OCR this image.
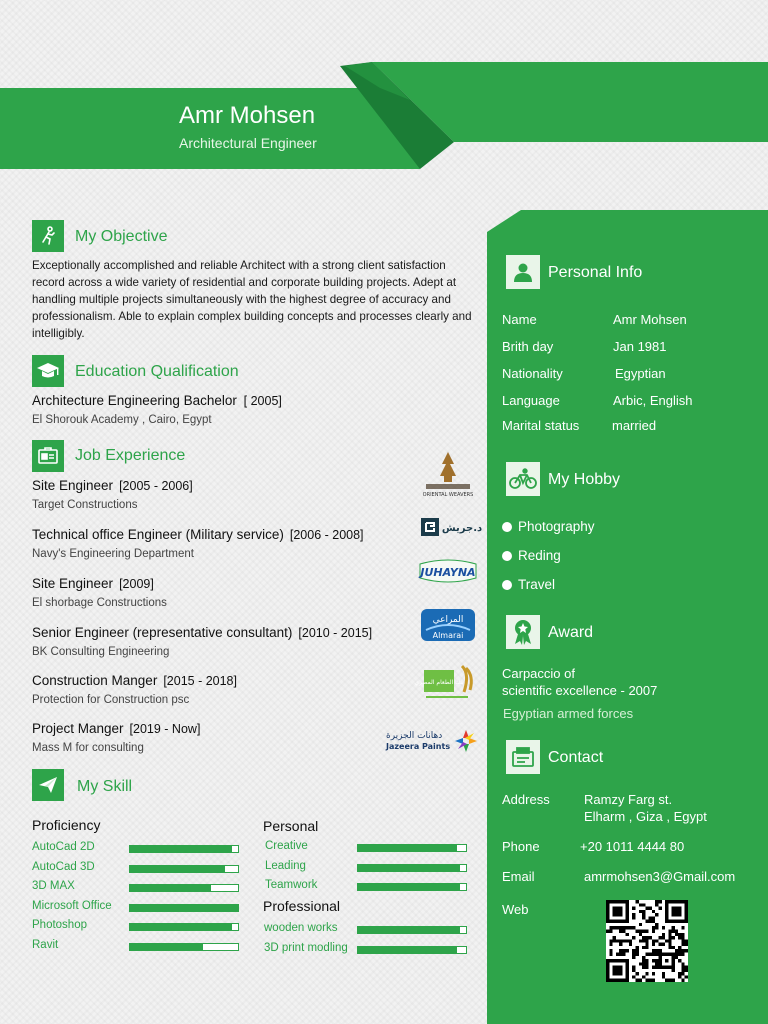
Amr Mohsen
Architectural Engineer
My Objective
Exceptionally accomplished and reliable Architect with a strong client satisfaction record across a wide variety of residential and corporate building projects. Adept at handling multiple projects simultaneously with the highest degree of accuracy and professionalism. Able to explain complex building concepts and processes clearly and intelligibly.
Education Qualification
Architecture Engineering Bachelor [ 2005]
El Shorouk Academy , Cairo, Egypt
Job Experience
Site Engineer [2005 - 2006]
Target Constructions
Technical office Engineer (Military service) [2006 - 2008]
Navy's Engineering Department
Site Engineer [2009]
El shorbage Constructions
Senior Engineer (representative consultant) [2010 - 2015]
BK Consulting Engineering
Construction Manger [2015 - 2018]
Protection for Construction psc
Project Manger [2019 - Now]
Mass M for consulting
ORIENTAL WEAVERS
د.جريش
JUHAYNA
المراعي
Almarai
بنك الطعام المصري
دهانات الجزيرة
Jazeera Paints
My Skill
Proficiency	Personal
Professional
AutoCad 2D
AutoCad 3D
3D MAX
Microsoft Office
Photoshop
Ravit
Creative
Leading
Teamwork
wooden works
3D print modling
Personal Info
Name	Amr Mohsen
Brith day	Jan 1981
Nationality	Egyptian
Language	Arbic, English
Marital status	married
My Hobby
Photography
Reding
Travel
Award
Carpaccio of
scientific excellence - 2007
Egyptian armed forces
Contact
Address	Ramzy Farg st.
Elharm , Giza , Egypt
Phone	+20 1011 4444 80
Email	amrmohsen3@Gmail.com
Web
